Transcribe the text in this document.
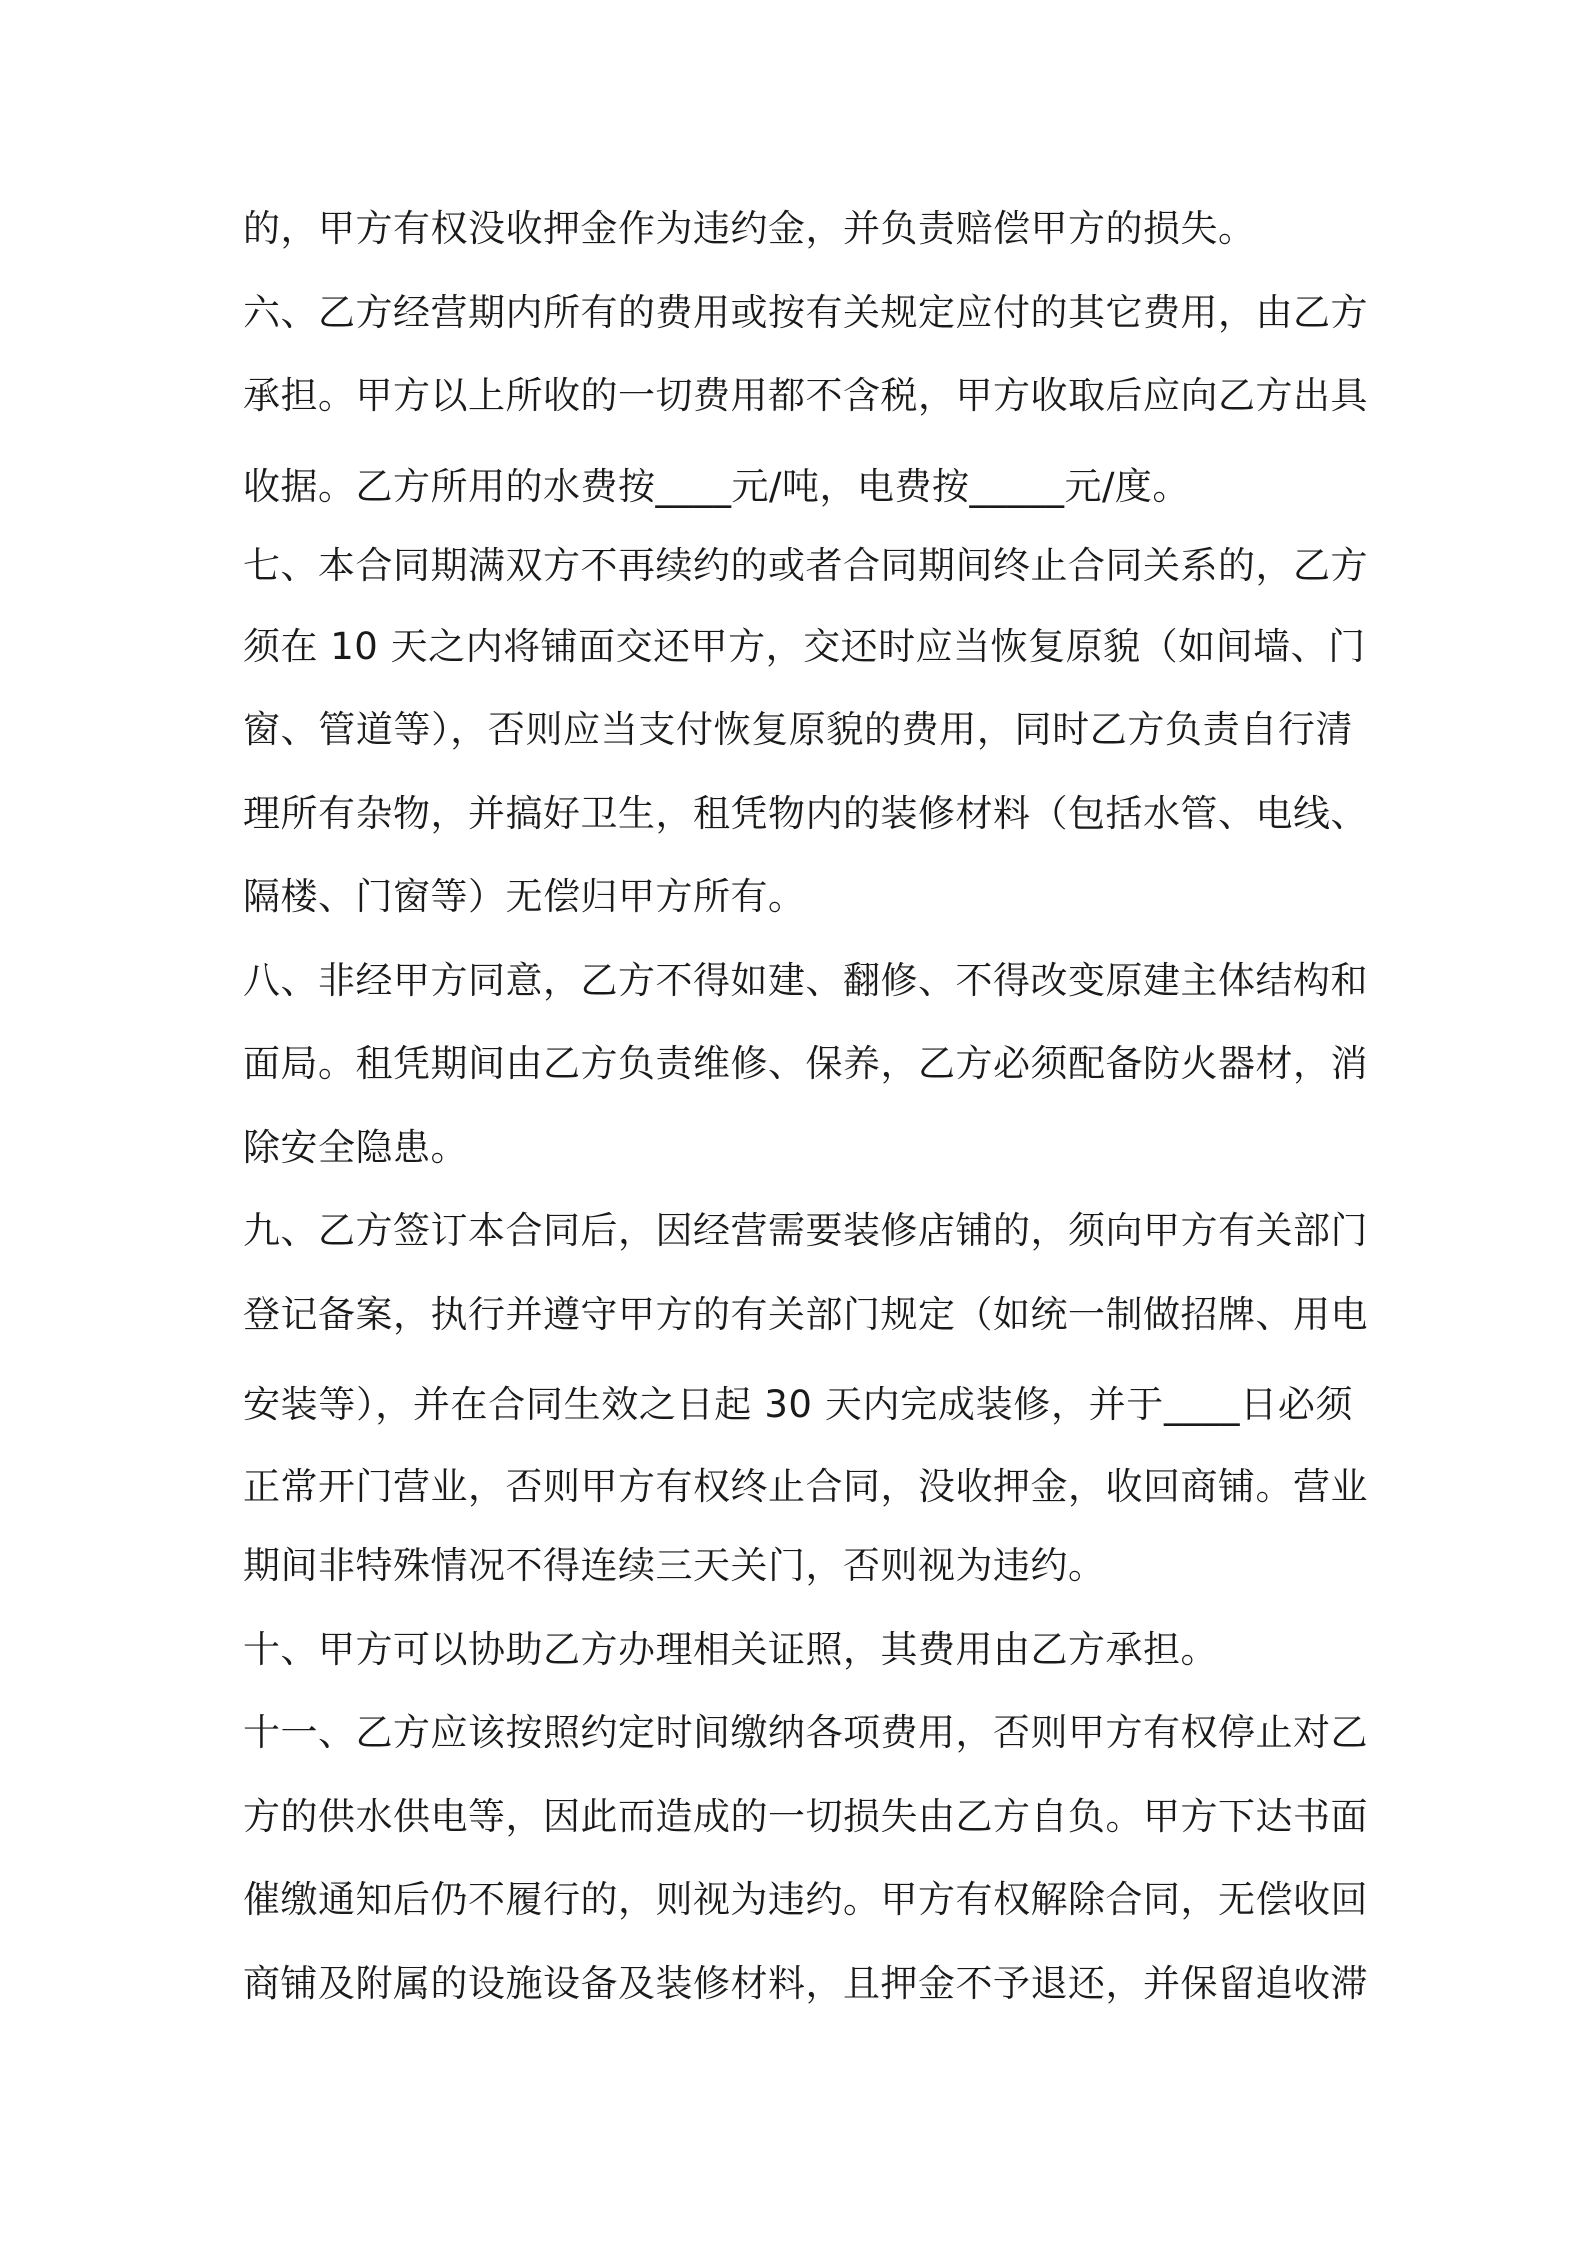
的，甲方有权没收押金作为违约金，并负责赔偿甲方的损失。
六、乙方经营期内所有的费用或按有关规定应付的其它费用，由乙方
承担。甲方以上所收的一切费用都不含税，甲方收取后应向乙方出具
收据。乙方所用的水费按____元/吨，电费按_____元/度。
七、本合同期满双方不再续约的或者合同期间终止合同关系的，乙方
须在 10 天之内将铺面交还甲方，交还时应当恢复原貌（如间墙、门
窗、管道等），否则应当支付恢复原貌的费用，同时乙方负责自行清
理所有杂物，并搞好卫生，租凭物内的装修材料（包括水管、电线、
隔楼、门窗等）无偿归甲方所有。
八、非经甲方同意，乙方不得如建、翻修、不得改变原建主体结构和
面局。租凭期间由乙方负责维修、保养，乙方必须配备防火器材，消
除安全隐患。
九、乙方签订本合同后，因经营需要装修店铺的，须向甲方有关部门
登记备案，执行并遵守甲方的有关部门规定（如统一制做招牌、用电
安装等），并在合同生效之日起 30 天内完成装修，并于____日必须
正常开门营业，否则甲方有权终止合同，没收押金，收回商铺。营业
期间非特殊情况不得连续三天关门，否则视为违约。
十、甲方可以协助乙方办理相关证照，其费用由乙方承担。
十一、乙方应该按照约定时间缴纳各项费用，否则甲方有权停止对乙
方的供水供电等，因此而造成的一切损失由乙方自负。甲方下达书面
催缴通知后仍不履行的，则视为违约。甲方有权解除合同，无偿收回
商铺及附属的设施设备及装修材料，且押金不予退还，并保留追收滞
